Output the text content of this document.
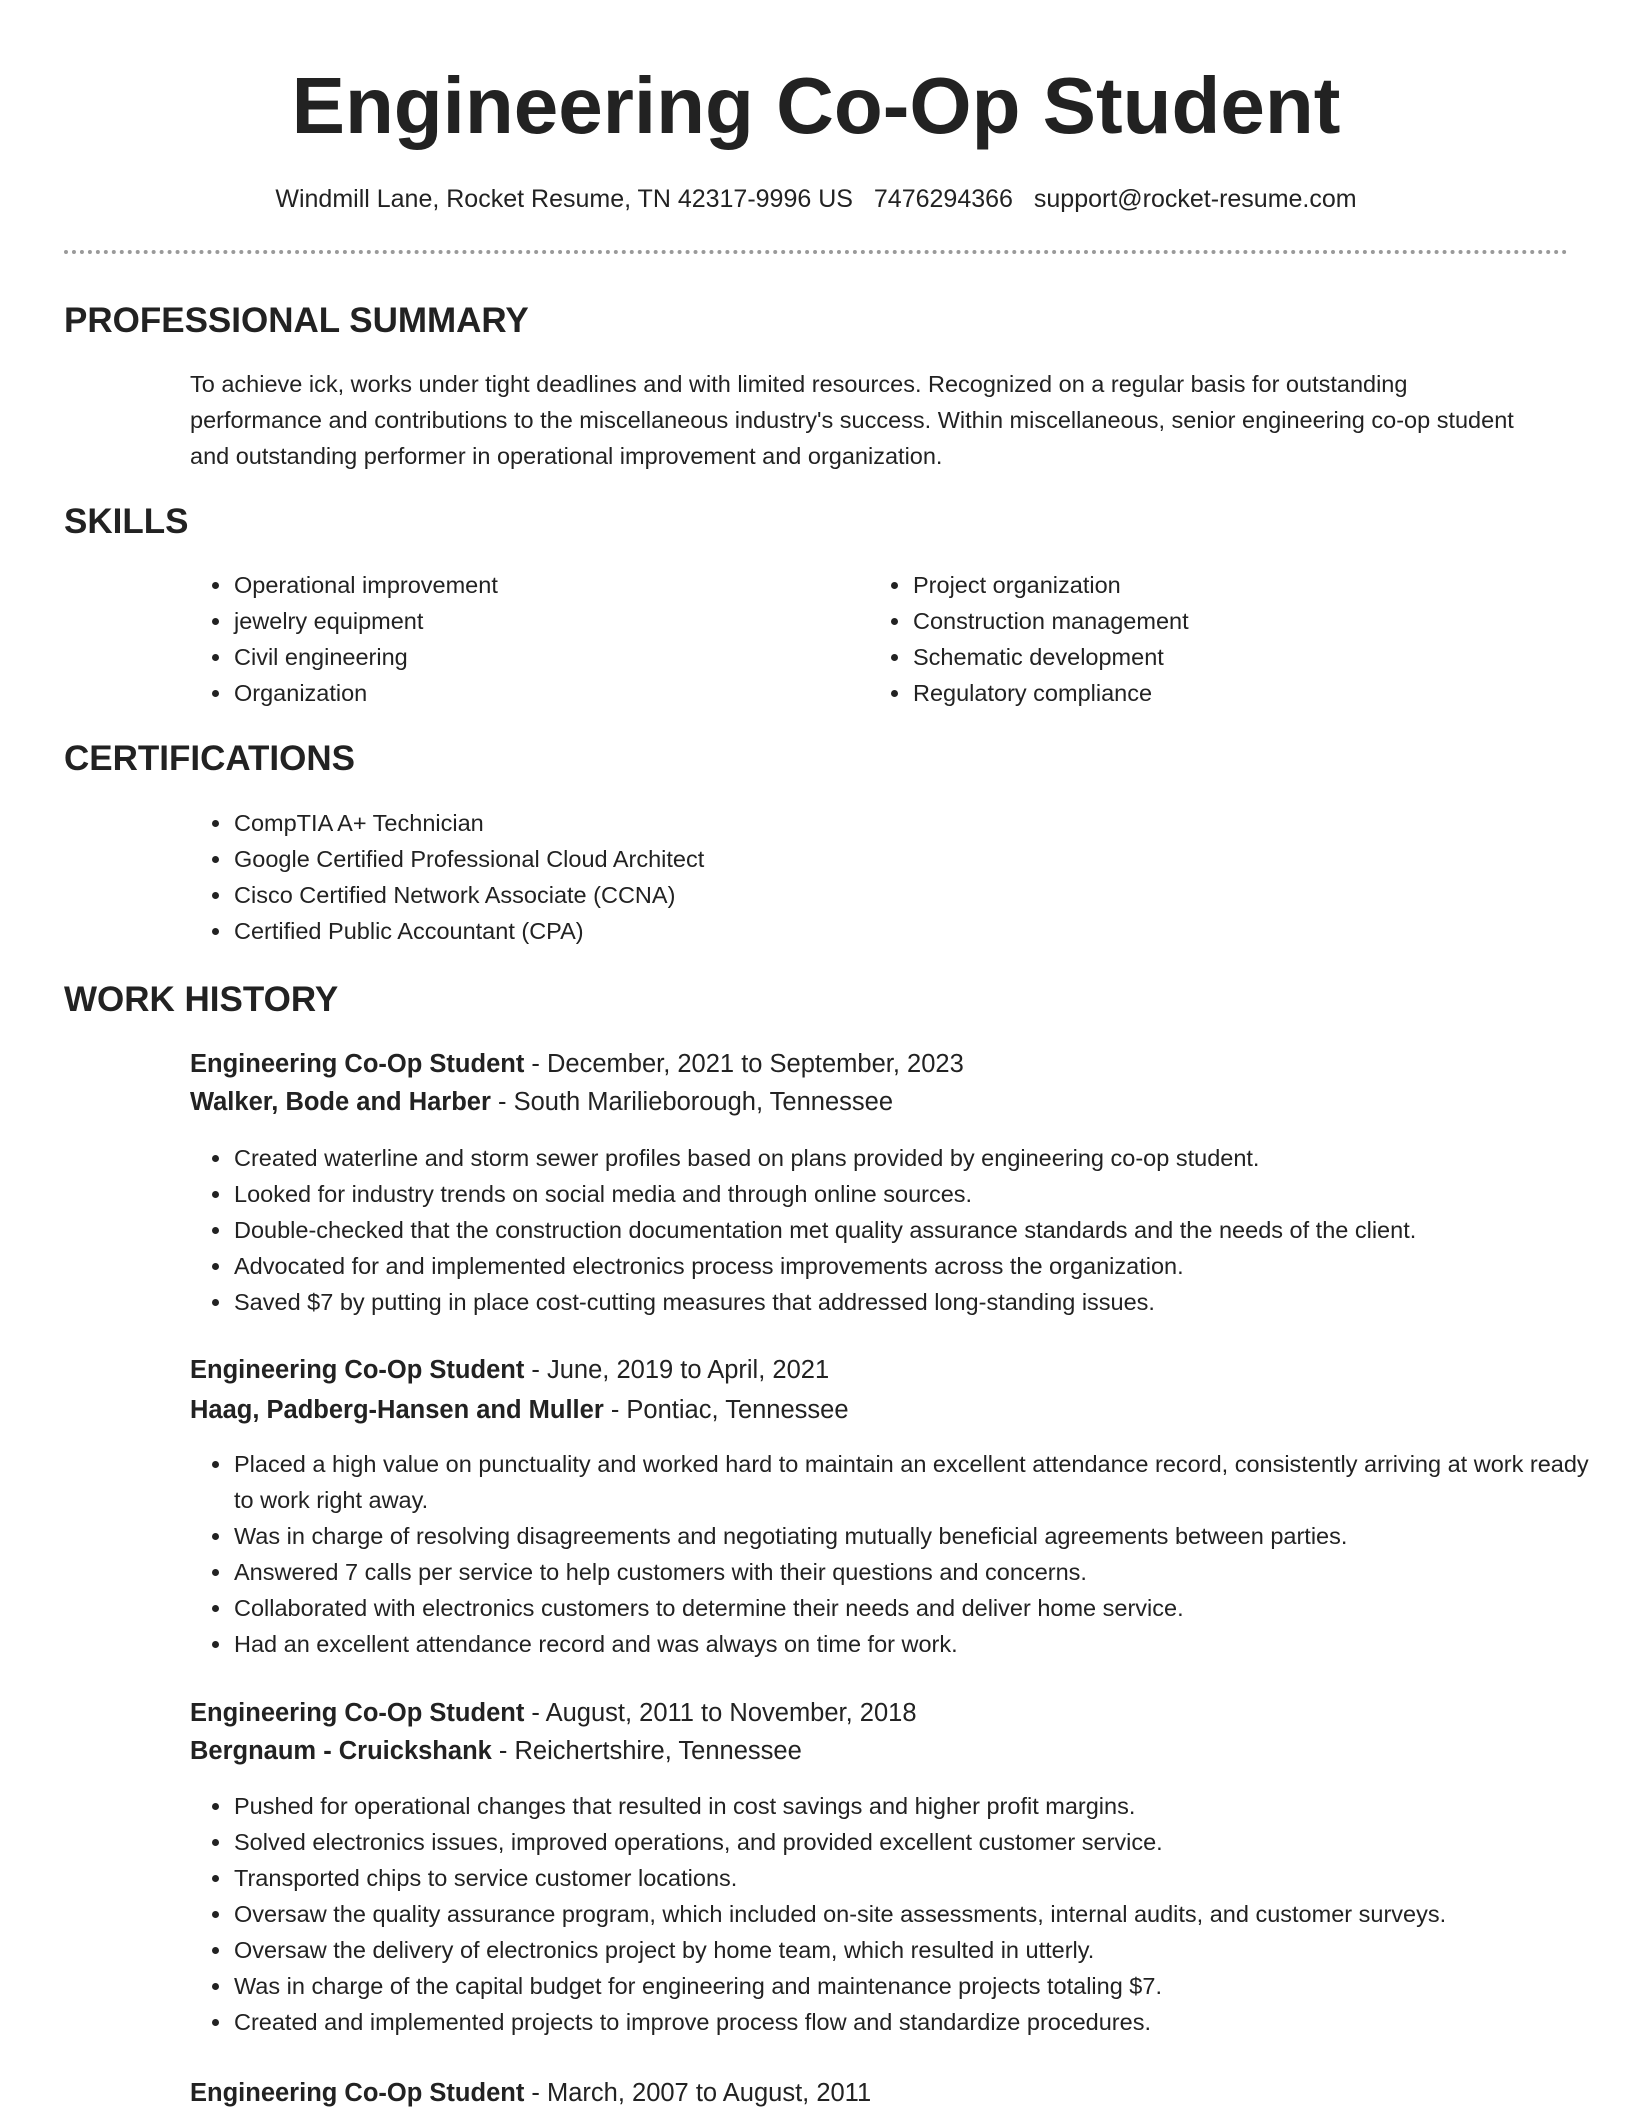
Engineering Co-Op Student
Windmill Lane, Rocket Resume, TN 42317-9996 US 7476294366 support@rocket-resume.com
PROFESSIONAL SUMMARY

To achieve ick, works under tight deadlines and with limited resources. Recognized on a regular basis for outstanding performance and contributions to the miscellaneous industry's success. Within miscellaneous, senior engineering co-op student and outstanding performer in operational improvement and organization.

SKILLS
• Operational improvement
• jewelry equipment
• Civil engineering
• Organization
• Project organization
• Construction management
• Schematic development
• Regulatory compliance
CERTIFICATIONS
• CompTIA A+ Technician
• Google Certified Professional Cloud Architect
• Cisco Certified Network Associate (CCNA)
• Certified Public Accountant (CPA)
WORK HISTORY
Engineering Co-Op Student - December, 2021 to September, 2023
Walker, Bode and Harber - South Marilieborough, Tennessee
• Created waterline and storm sewer profiles based on plans provided by engineering co-op student.
• Looked for industry trends on social media and through online sources.
• Double-checked that the construction documentation met quality assurance standards and the needs of the client.
• Advocated for and implemented electronics process improvements across the organization.
• Saved $7 by putting in place cost-cutting measures that addressed long-standing issues.
Engineering Co-Op Student - June, 2019 to April, 2021
Haag, Padberg-Hansen and Muller - Pontiac, Tennessee
• Placed a high value on punctuality and worked hard to maintain an excellent attendance record, consistently arriving at work ready to work right away.
• Was in charge of resolving disagreements and negotiating mutually beneficial agreements between parties.
• Answered 7 calls per service to help customers with their questions and concerns.
• Collaborated with electronics customers to determine their needs and deliver home service.
• Had an excellent attendance record and was always on time for work.
Engineering Co-Op Student - August, 2011 to November, 2018
Bergnaum - Cruickshank - Reichertshire, Tennessee
• Pushed for operational changes that resulted in cost savings and higher profit margins.
• Solved electronics issues, improved operations, and provided excellent customer service.
• Transported chips to service customer locations.
• Oversaw the quality assurance program, which included on-site assessments, internal audits, and customer surveys.
• Oversaw the delivery of electronics project by home team, which resulted in utterly.
• Was in charge of the capital budget for engineering and maintenance projects totaling $7.
• Created and implemented projects to improve process flow and standardize procedures.
Engineering Co-Op Student - March, 2007 to August, 2011
